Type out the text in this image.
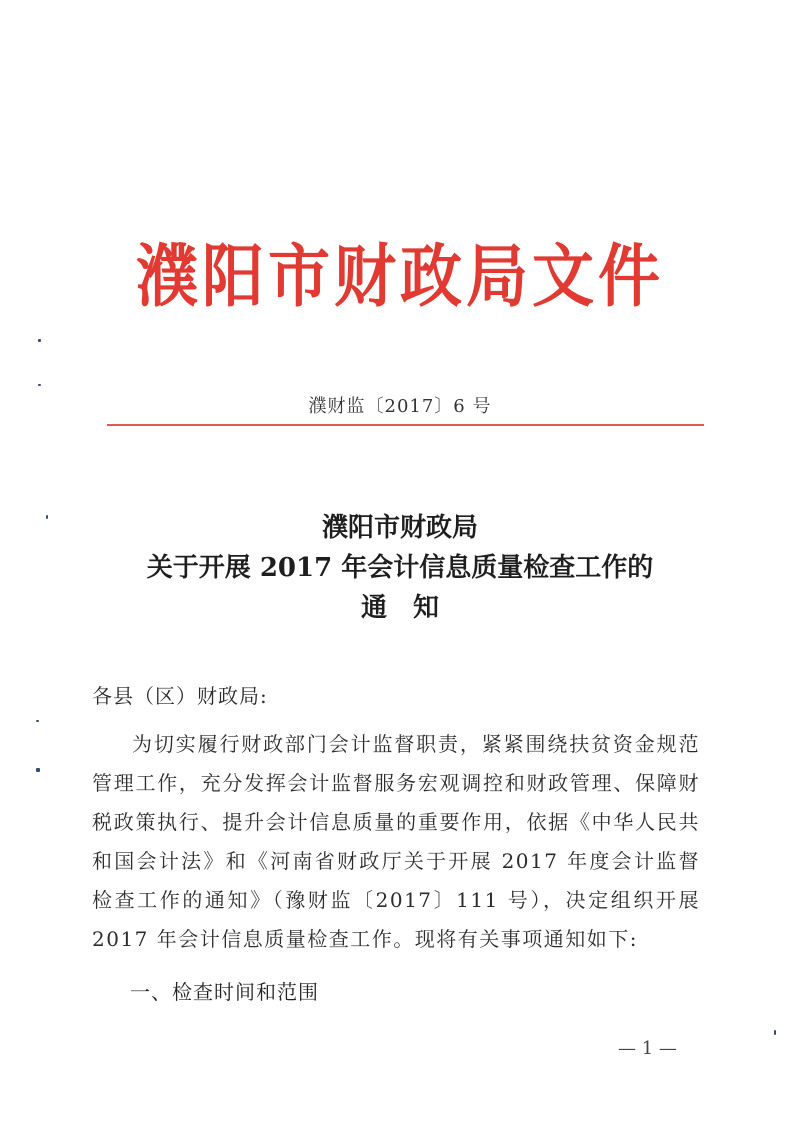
濮阳市财政局文件
濮财监〔2017〕6 号
濮阳市财政局
关于开展 2017 年会计信息质量检查工作的
通　知
各县（区）财政局:
为切实履行财政部门会计监督职责，紧紧围绕扶贫资金规范管理工作，充分发挥会计监督服务宏观调控和财政管理、保障财税政策执行、提升会计信息质量的重要作用，依据《中华人民共和国会计法》和《河南省财政厅关于开展 2017 年度会计监督检查工作的通知》（豫财监〔2017〕111 号），决定组织开展 2017 年会计信息质量检查工作。现将有关事项通知如下:
一、检查时间和范围
— 1 —
